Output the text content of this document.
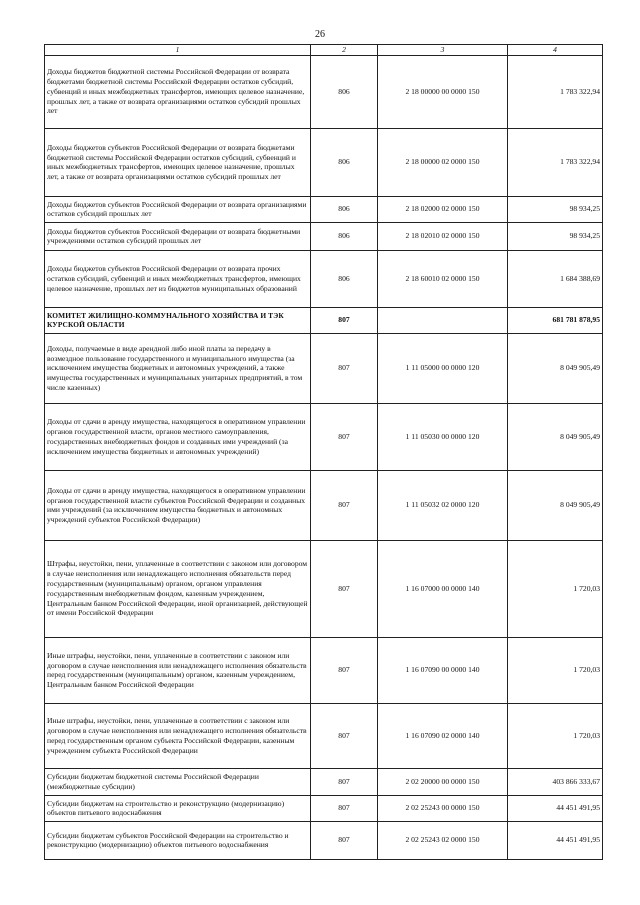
26
1	2	3	4
Доходы бюджетов бюджетной системы Российской Федерации от возврата бюджетами бюджетной системы Российской Федерации остатков субсидий, субвенций и иных межбюджетных трансфертов, имеющих целевое назначение, прошлых лет, а также от возврата организациями остатков субсидий прошлых лет	806	2 18 00000 00 0000 150	1 783 322,94
Доходы бюджетов субъектов Российской Федерации от возврата бюджетами бюджетной системы Российской Федерации остатков субсидий, субвенций и иных межбюджетных трансфертов, имеющих целевое назначение, прошлых лет, а также от возврата организациями остатков субсидий прошлых лет	806	2 18 00000 02 0000 150	1 783 322,94
Доходы бюджетов субъектов Российской Федерации от возврата организациями остатков субсидий прошлых лет	806	2 18 02000 02 0000 150	98 934,25
Доходы бюджетов субъектов Российской Федерации от возврата бюджетными учреждениями остатков субсидий прошлых лет	806	2 18 02010 02 0000 150	98 934,25
Доходы бюджетов субъектов Российской Федерации от возврата прочих остатков субсидий, субвенций и иных межбюджетных трансфертов, имеющих целевое назначение, прошлых лет из бюджетов муниципальных образований	806	2 18 60010 02 0000 150	1 684 388,69
КОМИТЕТ ЖИЛИЩНО-КОММУНАЛЬНОГО ХОЗЯЙСТВА И ТЭК КУРСКОЙ ОБЛАСТИ	807		681 781 878,95
Доходы, получаемые в виде арендной либо иной платы за передачу в возмездное пользование государственного и муниципального имущества (за исключением имущества бюджетных и автономных учреждений, а также имущества государственных и муниципальных унитарных предприятий, в том числе казенных)	807	1 11 05000 00 0000 120	8 049 905,49
Доходы от сдачи в аренду имущества, находящегося в оперативном управлении органов государственной власти, органов местного самоуправления, государственных внебюджетных фондов и созданных ими учреждений (за исключением имущества бюджетных и автономных учреждений)	807	1 11 05030 00 0000 120	8 049 905,49
Доходы от сдачи в аренду имущества, находящегося в оперативном управлении органов государственной власти субъектов Российской Федерации и созданных ими учреждений (за исключением имущества бюджетных и автономных учреждений субъектов Российской Федерации)	807	1 11 05032 02 0000 120	8 049 905,49
Штрафы, неустойки, пени, уплаченные в соответствии с законом или договором в случае неисполнения или ненадлежащего исполнения обязательств перед государственным (муниципальным) органом, органом управления государственным внебюджетным фондом, казенным учреждением, Центральным банком Российской Федерации, иной организацией, действующей от имени Российской Федерации	807	1 16 07000 00 0000 140	1 720,03
Иные штрафы, неустойки, пени, уплаченные в соответствии с законом или договором в случае неисполнения или ненадлежащего исполнения обязательств перед государственным (муниципальным) органом, казенным учреждением, Центральным банком Российской Федерации	807	1 16 07090 00 0000 140	1 720,03
Иные штрафы, неустойки, пени, уплаченные в соответствии с законом или договором в случае неисполнения или ненадлежащего исполнения обязательств перед государственным органом субъекта Российской Федерации, казенным учреждением субъекта Российской Федерации	807	1 16 07090 02 0000 140	1 720,03
Субсидии бюджетам бюджетной системы Российской Федерации (межбюджетные субсидии)	807	2 02 20000 00 0000 150	403 866 333,67
Субсидии бюджетам на строительство и реконструкцию (модернизацию) объектов питьевого водоснабжения	807	2 02 25243 00 0000 150	44 451 491,95
Субсидии бюджетам субъектов Российской Федерации на строительство и реконструкцию (модернизацию) объектов питьевого водоснабжения	807	2 02 25243 02 0000 150	44 451 491,95
